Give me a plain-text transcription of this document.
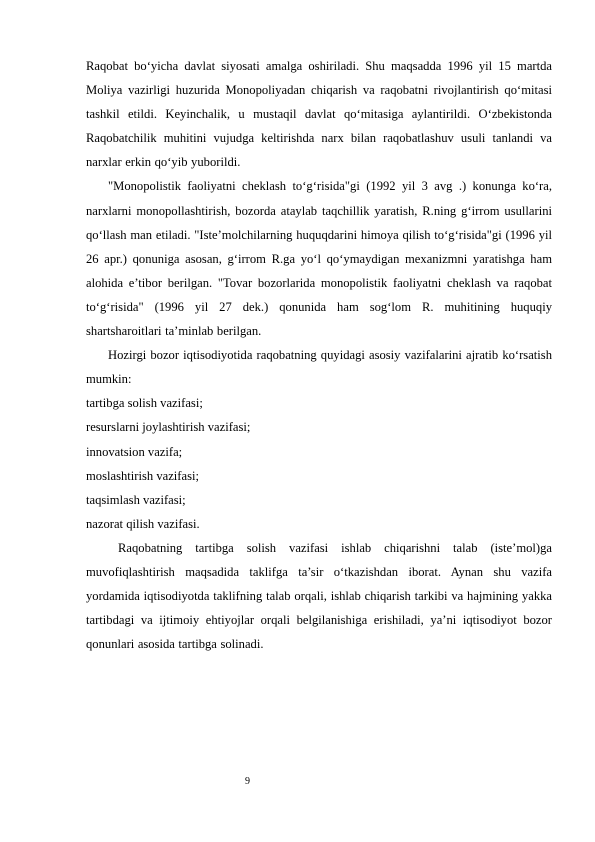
Raqobat bo‘yicha davlat siyosati amalga oshiriladi. Shu maqsadda 1996 yil 15 martda Moliya vazirligi huzurida Monopoliyadan chiqarish va raqobatni rivojlantirish qo‘mitasi tashkil etildi. Keyinchalik, u mustaqil davlat qo‘mitasiga aylantirildi. O‘zbekistonda Raqobatchilik muhitini vujudga keltirishda narx bilan raqobatlashuv usuli tanlandi va narxlar erkin qo‘yib yuborildi.

"Monopolistik faoliyatni cheklash to‘g‘risida"gi (1992 yil 3 avg .) konunga ko‘ra, narxlarni monopollashtirish, bozorda ataylab taqchillik yaratish, R.ning g‘irrom usullarini qo‘llash man etiladi. "Iste’molchilarning huquqdarini himoya qilish to‘g‘risida"gi (1996 yil 26 apr.) qonuniga asosan, g‘irrom R.ga yo‘l qo‘ymaydigan mexanizmni yaratishga ham alohida e’tibor berilgan. "Tovar bozorlarida monopolistik faoliyatni cheklash va raqobat to‘g‘risida" (1996 yil 27 dek.) qonunida ham sog‘lom R. muhitining huquqiy shartsharoitlari ta’minlab berilgan.

Hozirgi bozor iqtisodiyotida raqobatning quyidagi asosiy vazifalarini ajratib ko‘rsatish mumkin:

tartibga solish vazifasi;
resurslarni joylashtirish vazifasi;
innovatsion vazifa;
moslashtirish vazifasi;
taqsimlash vazifasi;
nazorat qilish vazifasi.

Raqobatning tartibga solish vazifasi ishlab chiqarishni talab (iste’mol)ga muvofiqlashtirish maqsadida taklifga ta’sir o‘tkazishdan iborat. Aynan shu vazifa yordamida iqtisodiyotda taklifning talab orqali, ishlab chiqarish tarkibi va hajmining yakka tartibdagi va ijtimoiy ehtiyojlar orqali belgilanishiga erishiladi, ya’ni iqtisodiyot bozor qonunlari asosida tartibga solinadi.

9
